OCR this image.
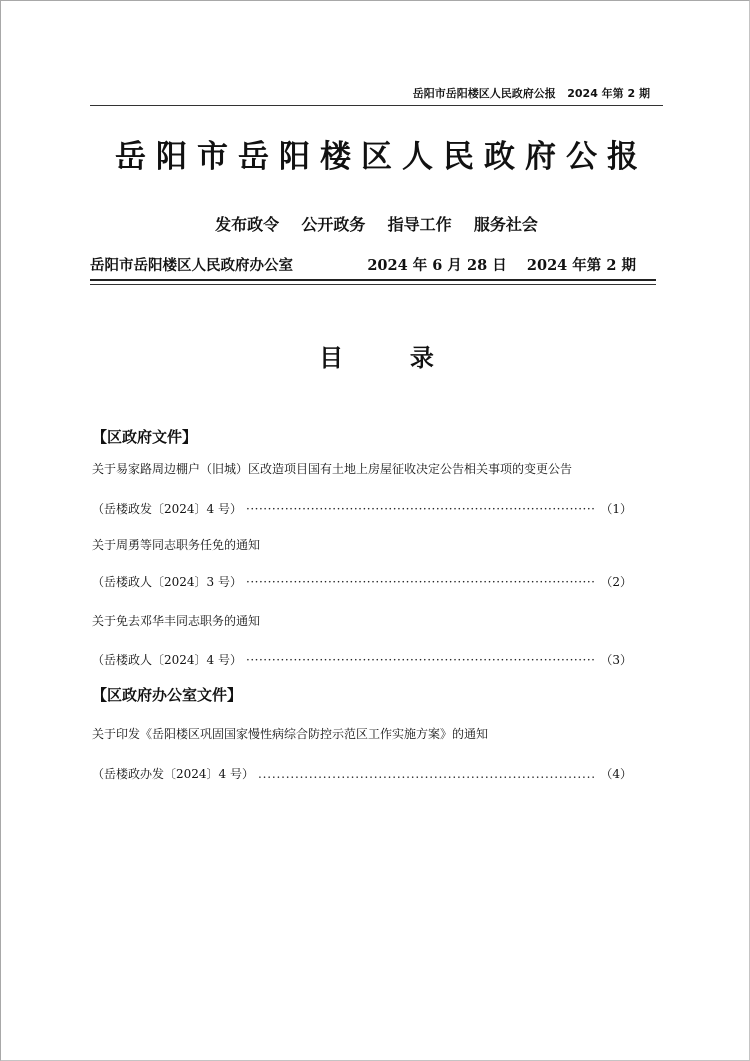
岳阳市岳阳楼区人民政府公报 2024 年第 2 期
岳阳市岳阳楼区人民政府公报
发布政令    公开政务    指导工作    服务社会
岳阳市岳阳楼区人民政府办公室	2024 年 6 月 28 日    2024 年第 2 期
目        录
【区政府文件】
关于易家路周边棚户（旧城）区改造项目国有土地上房屋征收决定公告相关事项的变更公告
（岳楼政发〔2024〕4 号） ·····	（1）
关于周勇等同志职务任免的通知
（岳楼政人〔2024〕3 号） ·····	（2）
关于免去邓华丰同志职务的通知
（岳楼政人〔2024〕4 号） ·····	（3）
【区政府办公室文件】
关于印发《岳阳楼区巩固国家慢性病综合防控示范区工作实施方案》的通知
（岳楼政办发〔2024〕4 号） . . .	（4）
